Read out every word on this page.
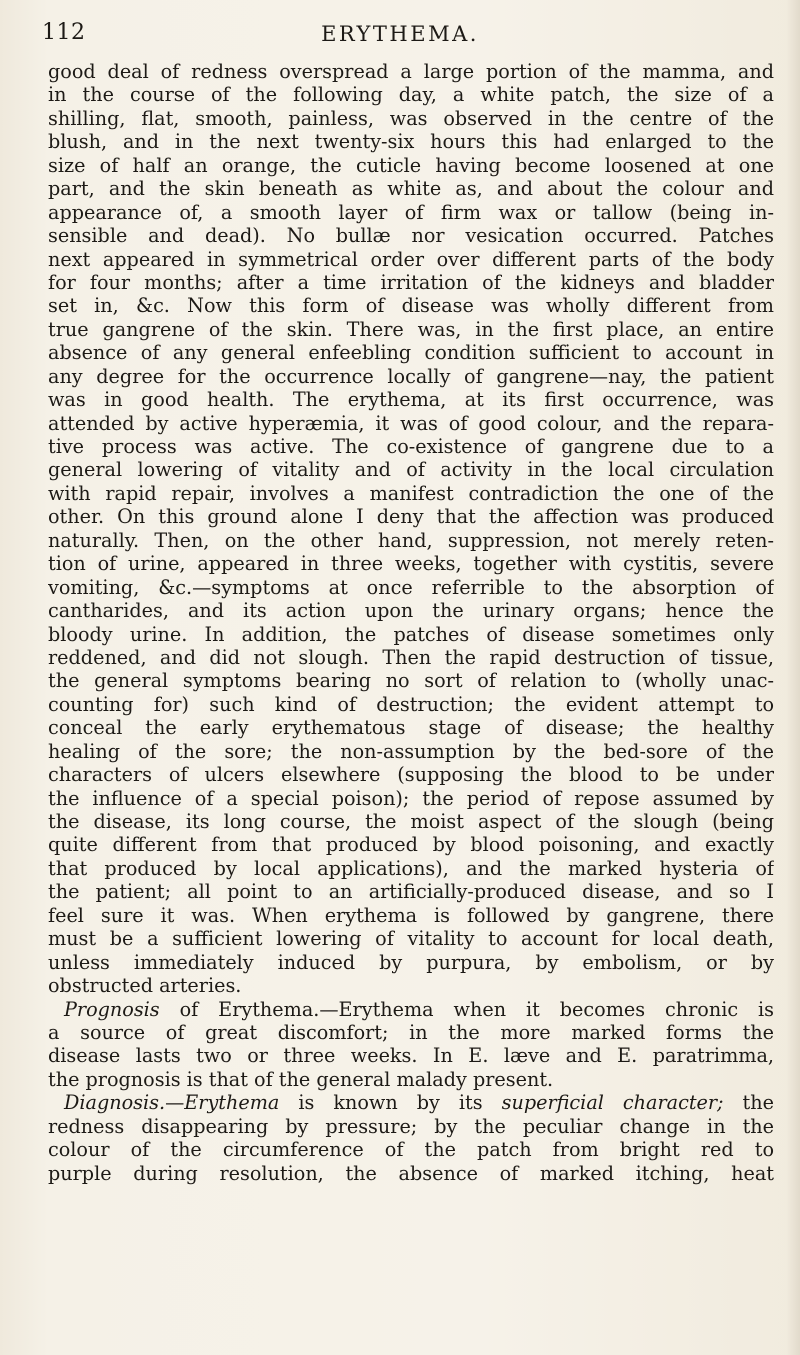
112	ERYTHEMA.
good deal of redness overspread a large portion of the mamma, and
in the course of the following day, a white patch, the size of a
shilling, flat, smooth, painless, was observed in the centre of the
blush, and in the next twenty-six hours this had enlarged to the
size of half an orange, the cuticle having become loosened at one
part, and the skin beneath as white as, and about the colour and
appearance of, a smooth layer of firm wax or tallow (being in-
sensible and dead). No bullæ nor vesication occurred. Patches
next appeared in symmetrical order over different parts of the body
for four months; after a time irritation of the kidneys and bladder
set in, &c. Now this form of disease was wholly different from
true gangrene of the skin. There was, in the first place, an entire
absence of any general enfeebling condition sufficient to account in
any degree for the occurrence locally of gangrene—nay, the patient
was in good health. The erythema, at its first occurrence, was
attended by active hyperæmia, it was of good colour, and the repara-
tive process was active. The co-existence of gangrene due to a
general lowering of vitality and of activity in the local circulation
with rapid repair, involves a manifest contradiction the one of the
other. On this ground alone I deny that the affection was produced
naturally. Then, on the other hand, suppression, not merely reten-
tion of urine, appeared in three weeks, together with cystitis, severe
vomiting, &c.—symptoms at once referrible to the absorption of
cantharides, and its action upon the urinary organs; hence the
bloody urine. In addition, the patches of disease sometimes only
reddened, and did not slough. Then the rapid destruction of tissue,
the general symptoms bearing no sort of relation to (wholly unac-
counting for) such kind of destruction; the evident attempt to
conceal the early erythematous stage of disease; the healthy
healing of the sore; the non-assumption by the bed-sore of the
characters of ulcers elsewhere (supposing the blood to be under
the influence of a special poison); the period of repose assumed by
the disease, its long course, the moist aspect of the slough (being
quite different from that produced by blood poisoning, and exactly
that produced by local applications), and the marked hysteria of
the patient; all point to an artificially-produced disease, and so I
feel sure it was. When erythema is followed by gangrene, there
must be a sufficient lowering of vitality to account for local death,
unless immediately induced by purpura, by embolism, or by
obstructed arteries.
Prognosis of Erythema.—Erythema when it becomes chronic is
a source of great discomfort; in the more marked forms the
disease lasts two or three weeks. In E. læve and E. paratrimma,
the prognosis is that of the general malady present.
Diagnosis.—Erythema is known by its superficial character; the
redness disappearing by pressure; by the peculiar change in the
colour of the circumference of the patch from bright red to
purple during resolution, the absence of marked itching, heat
